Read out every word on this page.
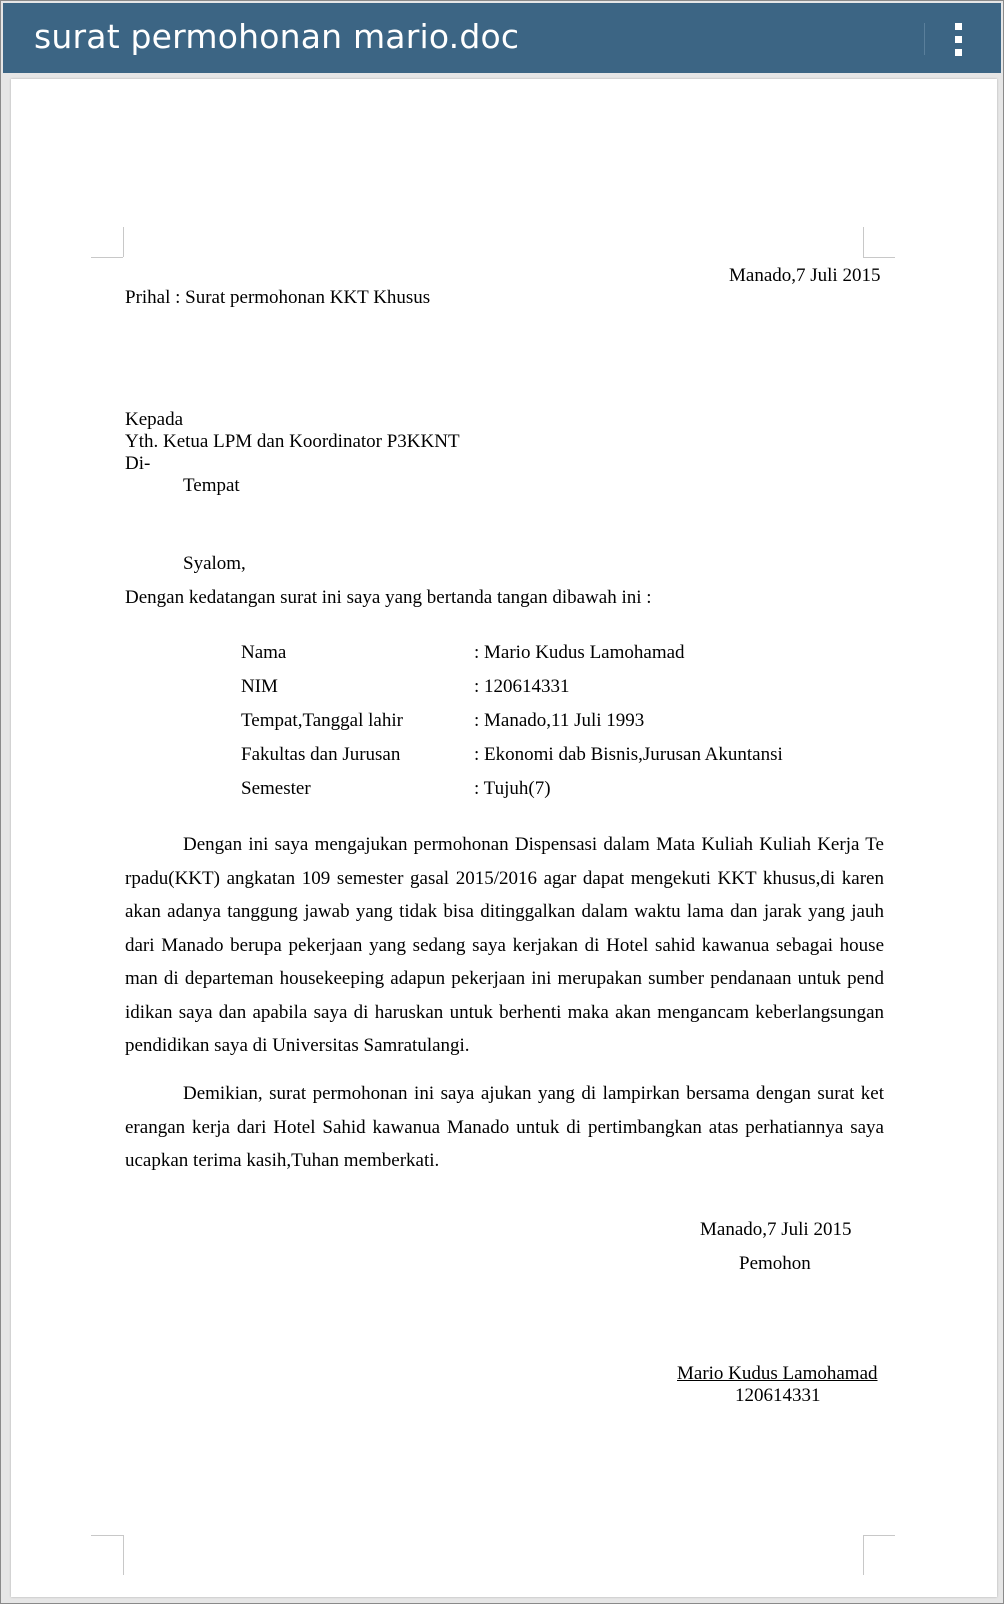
surat permohonan mario.doc
Manado,7 Juli 2015
Prihal : Surat permohonan KKT Khusus
Kepada
Yth. Ketua LPM dan Koordinator P3KKNT
Di-
Tempat
Syalom,
Dengan kedatangan surat ini saya yang bertanda tangan dibawah ini :
Nama	: Mario Kudus Lamohamad
NIM	: 120614331
Tempat,Tanggal lahir	: Manado,11 Juli 1993
Fakultas dan Jurusan	: Ekonomi dab Bisnis,Jurusan Akuntansi
Semester	: Tujuh(7)
Dengan ini saya mengajukan permohonan Dispensasi dalam Mata Kuliah Kuliah Kerja Te rpadu(KKT) angkatan 109 semester gasal 2015/2016 agar dapat mengekuti KKT khusus,di karen akan adanya tanggung jawab yang tidak bisa ditinggalkan dalam waktu lama dan jarak yang jauh dari Manado berupa pekerjaan yang sedang saya kerjakan di Hotel sahid kawanua sebagai house man di departeman housekeeping adapun pekerjaan ini merupakan sumber pendanaan untuk pend idikan saya dan apabila saya di haruskan untuk berhenti maka akan mengancam keberlangsungan pendidikan saya di Universitas Samratulangi.
Demikian, surat permohonan ini saya ajukan yang di lampirkan bersama dengan surat ket erangan kerja dari Hotel Sahid kawanua Manado untuk di pertimbangkan atas perhatiannya saya ucapkan terima kasih,Tuhan memberkati.
Manado,7 Juli 2015
Pemohon
Mario Kudus Lamohamad
120614331
